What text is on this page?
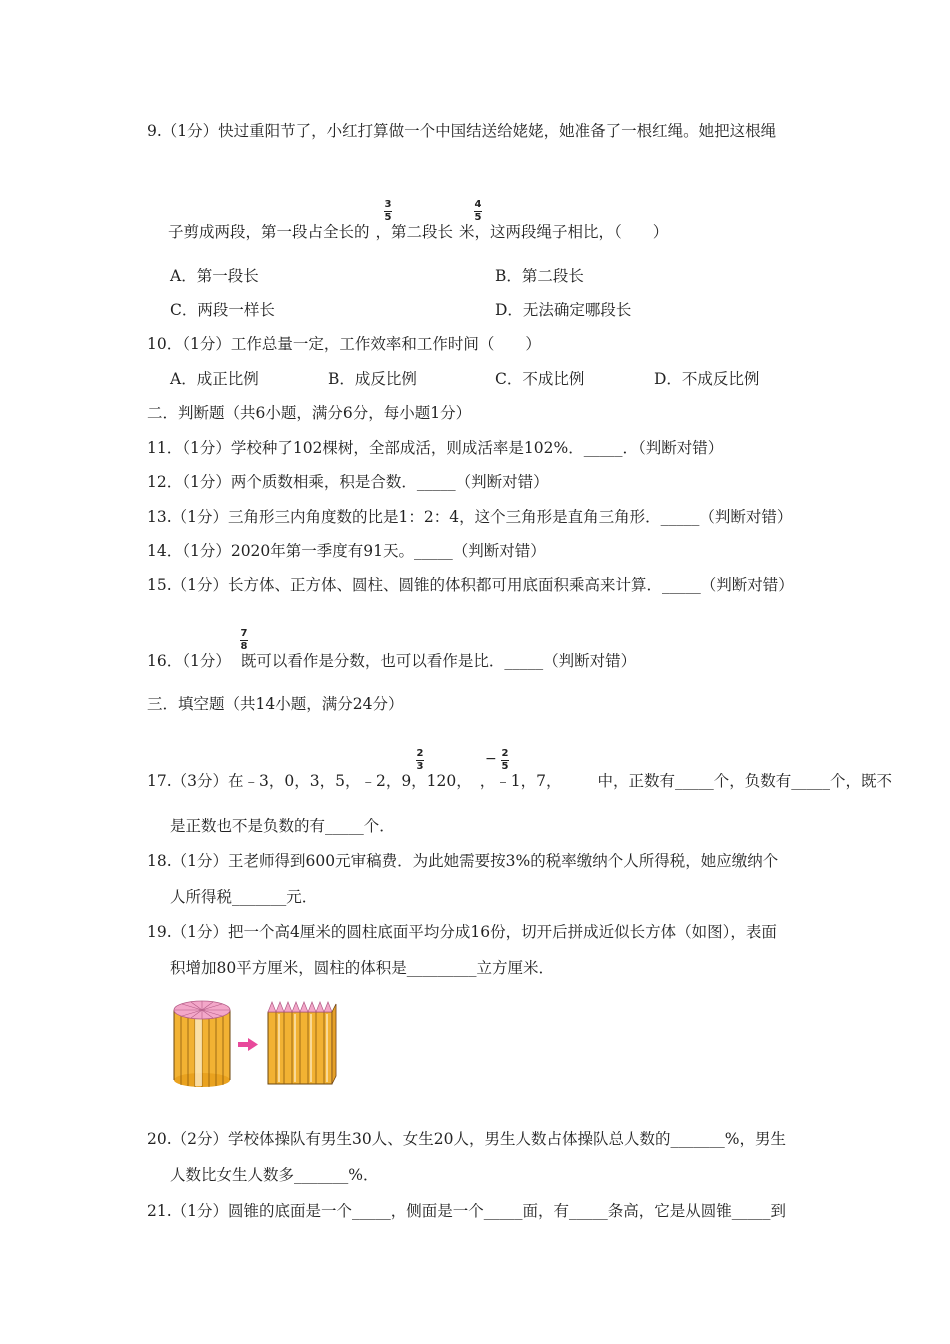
9.（1分）快过重阳节了，小红打算做一个中国结送给姥姥，她准备了一根红绳。她把这根绳
子剪成两段，第一段占全长的 ，第二段长 米，这两段绳子相比，（　　）
3
5
4
5
A．第一段长	B．第二段长
C．两段一样长	D．无法确定哪段长
10．（1分）工作总量一定，工作效率和工作时间（　　）
A．成正比例	B．成反比例	C．不成比例	D．不成反比例
二．判断题（共6小题，满分6分，每小题1分）
11．（1分）学校种了102棵树，全部成活，则成活率是102%．_____．（判断对错）
12．（1分）两个质数相乘，积是合数．_____（判断对错）
13.（1分）三角形三内角度数的比是1：2：4，这个三角形是直角三角形．_____（判断对错）
14．（1分）2020年第一季度有91天。_____（判断对错）
15.（1分）长方体、正方体、圆柱、圆锥的体积都可用底面积乘高来计算．_____（判断对错）
16．（1分） 既可以看作是分数，也可以看作是比．_____（判断对错）
7
8
三．填空题（共14小题，满分24分）
17.（3分）在﹣3，0，3，5，﹣2，9，120， ，﹣1，7， 中，正数有_____个，负数有_____个，既不
2
3	− 2
5
是正数也不是负数的有_____个．
18.（1分）王老师得到600元审稿费．为此她需要按3%的税率缴纳个人所得税，她应缴纳个
人所得税_______元．
19.（1分）把一个高4厘米的圆柱底面平均分成16份，切开后拼成近似长方体（如图），表面
积增加80平方厘米，圆柱的体积是_________立方厘米．
20.（2分）学校体操队有男生30人、女生20人，男生人数占体操队总人数的_______%，男生
人数比女生人数多_______%．
21.（1分）圆锥的底面是一个_____，侧面是一个_____面，有_____条高，它是从圆锥_____到
